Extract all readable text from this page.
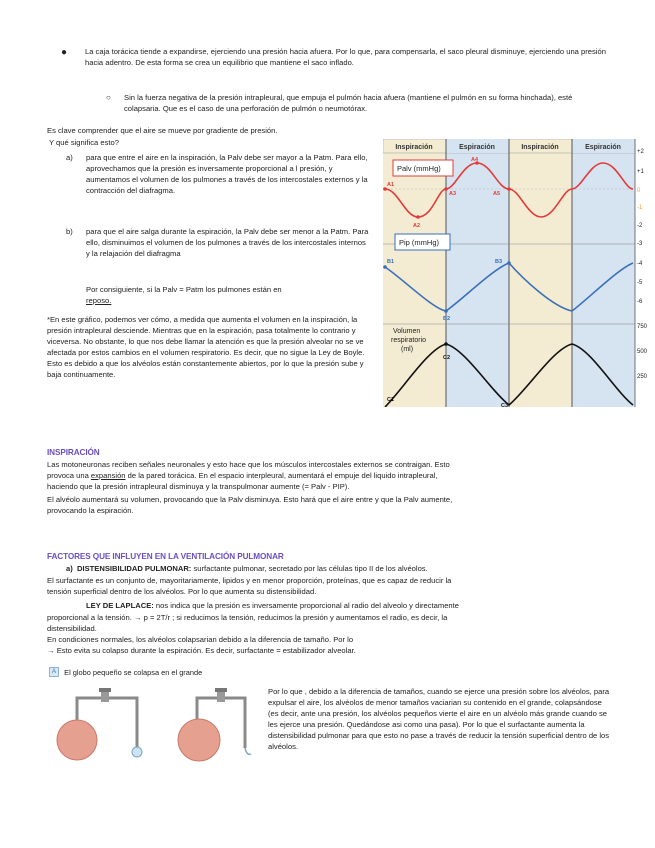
● La caja torácica tiende a expandirse, ejerciendo una presión hacia afuera. Por lo que, para compensarla, el saco pleural disminuye, ejerciendo una presión hacia adentro. De esta forma se crea un equilibrio que mantiene el saco inflado.

○ Sin la fuerza negativa de la presión intrapleural, que empuja el pulmón hacia afuera (mantiene el pulmón en su forma hinchada), esté colapsaria. Que es el caso de una perforación de pulmón o neumotórax.

Es clave comprender que el aire se mueve por gradiente de presión.

Y qué significa esto?

a) para que entre el aire en la inspiración, la Palv debe ser mayor a la Patm. Para ello, aprovechamos que la presión es inversamente proporcional a l presión, y aumentamos el volumen de los pulmones a través de los intercostales externos y la contracción del diafragma.

b) para que el aire salga durante la espiración, la Palv debe ser menor a la Patm. Para ello, disminuimos el volumen de los pulmones a través de los intercostales internos y la relajación del diafragma

Por consiguiente, si la Palv = Patm los pulmones están en
reposo.

*En este gráfico, podemos ver cómo, a medida que aumenta el volumen en la inspiración, la presión intrapleural desciende. Mientras que en la espiración, pasa totalmente lo contrario y viceversa. No obstante, lo que nos debe llamar la atención es que la presión alveolar no se ve afectada por estos cambios en el volumen respiratorio. Es decir, que no sigue la Ley de Boyle. Esto es debido a que los alvéolos están constantemente abiertos, por lo que la presión sube y baja continuamente.

Inspiración	Espiración	Inspiración	Espiración
Palv (mmHg)
Pip (mmHg)
Volumen
respiratorio
(ml)
A1
A2
A3
A4
A5
B1
B2
B3
C1
C2
C3
+2
+1
0
-1
-2
-3
-4
-5
-6
750
500
250
INSPIRACIÓN

Las motoneuronas reciben señales neuronales y esto hace que los músculos intercostales externos se contraigan. Esto

provoca una expansión de la pared torácica. En el espacio interpleural, aumentará el empuje del liquido intrapleural,

haciendo que la presión intrapleural disminuya y la transpulmonar aumente (= Palv - PIP).

El alvéolo aumentará su volumen, provocando que la Palv disminuya. Esto hará que el aire entre y que la Palv aumente,

provocando la espiración.

FACTORES QUE INFLUYEN EN LA VENTILACIÓN PULMONAR

a) DISTENSIBILIDAD PULMONAR: surfactante pulmonar, secretado por las células tipo II de los alvéolos.

El surfactante es un conjunto de, mayoritariamente, lipidos y en menor proporción, proteínas, que es capaz de reducir la

tensión superficial dentro de los alvéolos. Por lo que aumenta su distensibilidad.

LEY DE LAPLACE: nos indica que la presión es inversamente proporcional al radio del alveolo y directamente

proporcional a la tensión. → p = 2T/r ; si reducimos la tensión, reducimos la presión y aumentamos el radio, es decir, la

distensibilidad.

En condiciones normales, los alvéolos colapsarian debido a la diferencia de tamaño. Por lo

→ Esto evita su colapso durante la espiración. Es decir, surfactante = estabilizador alveolar.

A El globo pequeño se colapsa en el grande

Por lo que , debido a la diferencia de tamaños, cuando se ejerce una presión sobre los alvéolos, para expulsar el aire, los alvéolos de menor tamaños vaciarian su contenido en el grande, colapsándose (es decir, ante una presión, los alvéolos pequeños vierte el aire en un alvéolo más grande cuando se les ejerce una presión. Quedándose asi como una pasa). Por lo que el surfactante aumenta la distensibilidad pulmonar para que esto no pase a través de reducir la tensión superficial dentro de los alvéolos.
